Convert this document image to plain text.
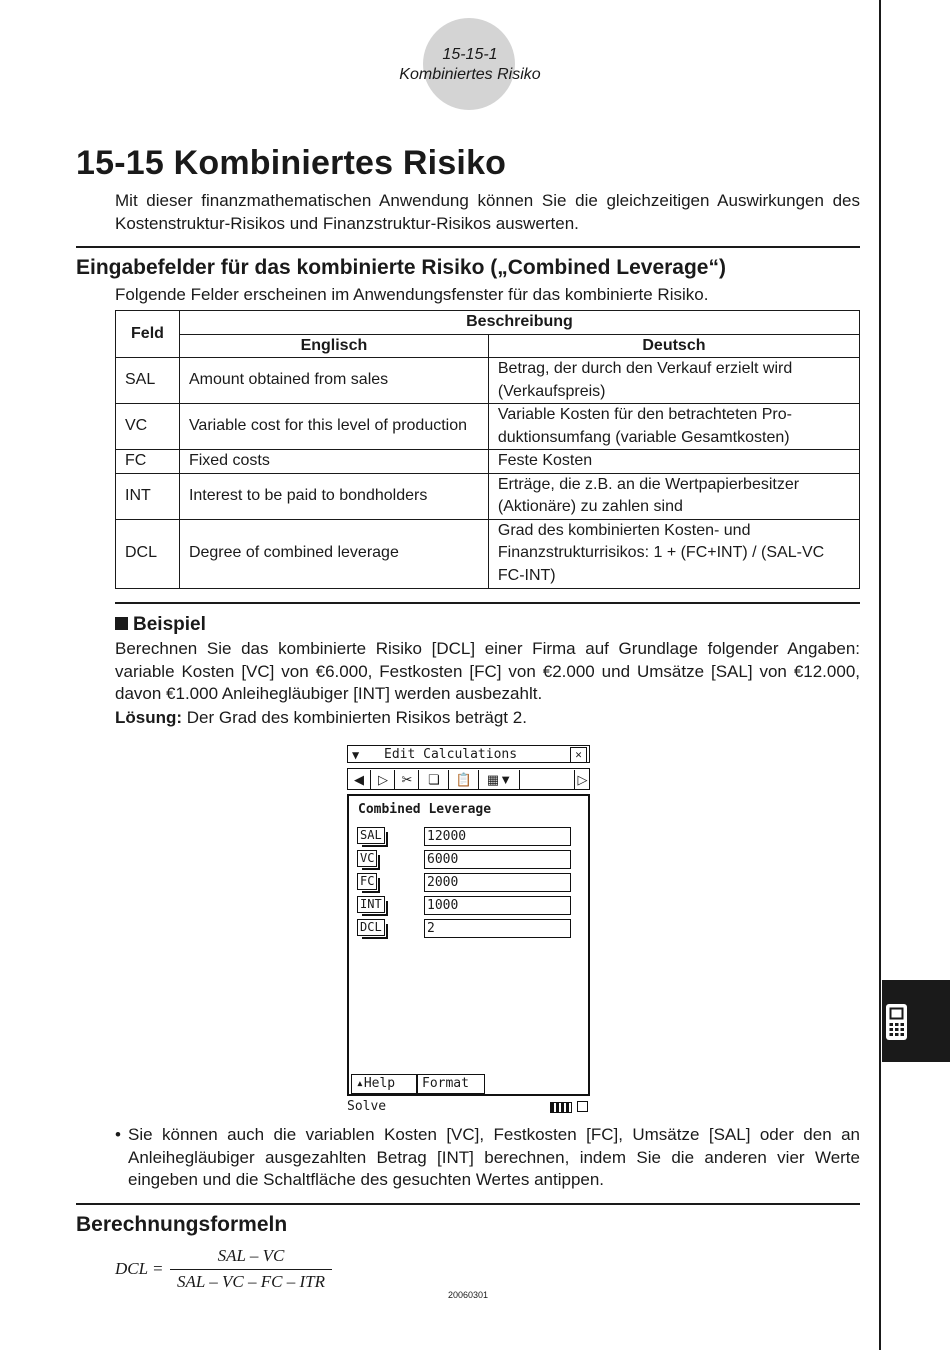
15-15-1
Kombiniertes Risiko
15-15 Kombiniertes Risiko
Mit dieser finanzmathematischen Anwendung können Sie die gleichzeitigen Auswirkungen des Kostenstruktur-Risikos und Finanzstruktur-Risikos auswerten.
Eingabefelder für das kombinierte Risiko („Combined Leverage“)
Folgende Felder erscheinen im Anwendungsfenster für das kombinierte Risiko.
Feld	Beschreibung	
	Englisch	Deutsch
SAL	Amount obtained from sales	Betrag, der durch den Verkauf erzielt wird (Verkaufspreis)
VC	Variable cost for this level of production	Variable Kosten für den betrachteten Pro-
duktionsumfang (variable Gesamtkosten)
FC	Fixed costs	Feste Kosten
INT	Interest to be paid to bondholders	Erträge, die z.B. an die Wertpapierbesitzer (Aktionäre) zu zahlen sind
DCL	Degree of combined leverage	Grad des kombinierten Kosten- und Finanzstrukturrisikos: 1 + (FC+INT) / (SAL-VC FC-INT)
Beispiel
Berechnen Sie das kombinierte Risiko [DCL] einer Firma auf Grundlage folgender Angaben: variable Kosten [VC] von €6.000, Festkosten [FC] von €2.000 und Umsätze [SAL] von €12.000, davon €1.000 Anleihegläubiger [INT] werden ausbezahlt.
Lösung: Der Grad des kombinierten Risikos beträgt 2.
▼ Edit Calculations	✕
◀	▷	✂	❏	📋	▦▼	▷
Combined Leverage
SAL	12000
VC	6000
FC	2000
INT	1000
DCL	2
▴Help	Format
Solve
• Sie können auch die variablen Kosten [VC], Festkosten [FC], Umsätze [SAL] oder den an Anleihegläubiger ausgezahlten Betrag [INT] berechnen, indem Sie die anderen vier Werte eingeben und die Schaltfläche des gesuchten Wertes antippen.
Berechnungsformeln
DCL =
SAL – VC
SAL – VC – FC – ITR
20060301
